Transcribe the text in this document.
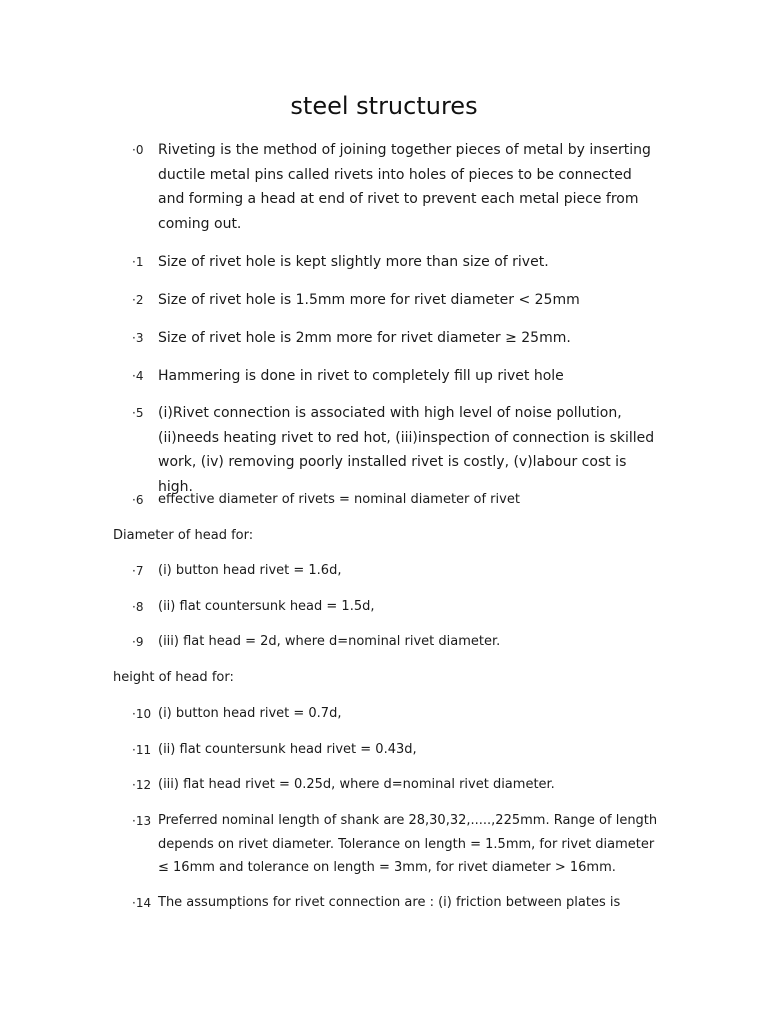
steel structures
·0 Riveting is the method of joining together pieces of metal by inserting ductile metal pins called rivets into holes of pieces to be connected and forming a head at end of rivet to prevent each metal piece from coming out.
·1 Size of rivet hole is kept slightly more than size of rivet.
·2 Size of rivet hole is 1.5mm more for rivet diameter < 25mm
·3 Size of rivet hole is 2mm more for rivet diameter ≥ 25mm.
·4 Hammering is done in rivet to completely fill up rivet hole
·5 (i)Rivet connection is associated with high level of noise pollution, (ii)needs heating rivet to red hot, (iii)inspection of connection is skilled work, (iv) removing poorly installed rivet is costly, (v)labour cost is high.
·6 effective diameter of rivets = nominal diameter of rivet
Diameter of head for:
·7 (i) button head rivet = 1.6d,
·8 (ii) flat countersunk head = 1.5d,
·9 (iii) flat head = 2d, where d=nominal rivet diameter.
height of head for:
·10 (i) button head rivet = 0.7d,
·11 (ii) flat countersunk head rivet = 0.43d,
·12 (iii) flat head rivet = 0.25d, where d=nominal rivet diameter.
·13 Preferred nominal length of shank are 28,30,32,.....,225mm. Range of length depends on rivet diameter. Tolerance on length = 1.5mm, for rivet diameter ≤ 16mm and tolerance on length = 3mm, for rivet diameter > 16mm.
·14 The assumptions for rivet connection are : (i) friction between plates is
